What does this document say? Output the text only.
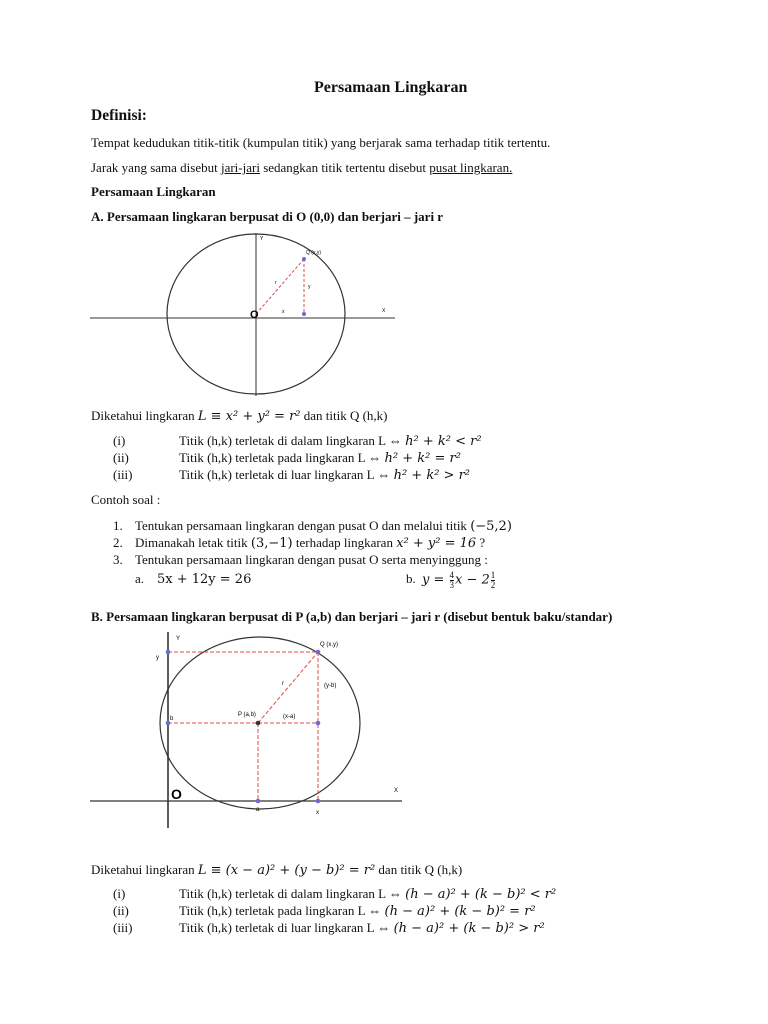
Persamaan Lingkaran
Definisi:
Tempat kedudukan titik-titik (kumpulan titik) yang berjarak sama terhadap titik tertentu.
Jarak yang sama disebut jari-jari sedangkan titik tertentu disebut pusat lingkaran.
Persamaan Lingkaran
A. Persamaan lingkaran berpusat di O (0,0) dan berjari – jari r
Y
X
Q (x,y)
r
y
x
O
Diketahui lingkaran L ≡ x² + y² = r² dan titik Q (h,k)
(i)	Titik (h,k) terletak di dalam lingkaran L ⇔ h² + k² < r²
(ii)	Titik (h,k) terletak pada lingkaran L ⇔ h² + k² = r²
(iii)	Titik (h,k) terletak di luar lingkaran L ⇔ h² + k² > r²
Contoh soal :
1. Tentukan persamaan lingkaran dengan pusat O dan melalui titik (−5,2)
2. Dimanakah letak titik (3,−1) terhadap lingkaran x² + y² = 16 ?
3. Tentukan persamaan lingkaran dengan pusat O serta menyinggung :
a. 5x + 12y = 26	b. $y = \frac{4}{3}$ $x - 2 \frac{1}{2}$
B. Persamaan lingkaran berpusat di P (a,b) dan berjari – jari r (disebut bentuk baku/standar)
Y
X
Q (x,y)
P (a,b)
r	(y-b)
(x-a)
y
b
a	x
O
Diketahui lingkaran L ≡ (x − a)² + (y − b)² = r² dan titik Q (h,k)
(i)	Titik (h,k) terletak di dalam lingkaran L ⇔ (h − a)² + (k − b)² < r²
(ii)	Titik (h,k) terletak pada lingkaran L ⇔ (h − a)² + (k − b)² = r²
(iii)	Titik (h,k) terletak di luar lingkaran L ⇔ (h − a)² + (k − b)² > r²
